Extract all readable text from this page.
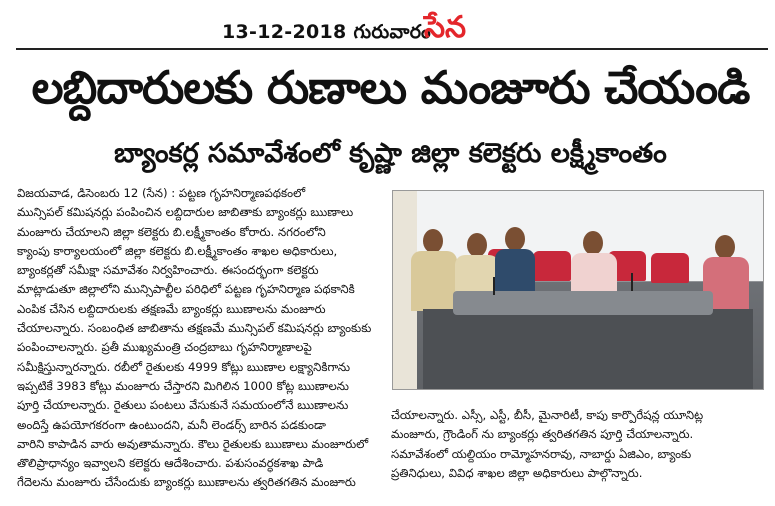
13-12-2018 గురువారం
సేన
లబ్దిదారులకు రుణాలు మంజూరు చేయండి
బ్యాంకర్ల సమావేశంలో కృష్ణా జిల్లా కలెక్టరు లక్ష్మీకాంతం

విజయవాడ, డిసెంబరు 12 (సేన) : పట్టణ గృహనిర్మాణపథకంలో

మున్సిపల్ కమిషనర్లు పంపించిన లబ్దిదారుల జాబితాకు బ్యాంకర్లు ఋణాలు

మంజూరు చేయాలని జిల్లా కలెక్టరు బి.లక్ష్మీకాంతం కోరారు. నగరంలోని

క్యాంపు కార్యాలయంలో జిల్లా కలెక్టరు బి.లక్ష్మీకాంతం శాఖల అధికారులు,

బ్యాంకర్లతో సమీక్షా సమావేశం నిర్వహించారు. ఈసందర్భంగా కలెక్టరు

మాట్లాడుతూ జిల్లాలోని మున్సిపాల్టీల పరిధిలో పట్టణ గృహనిర్మాణ పథకానికి

ఎంపిక చేసిన లబ్దిదారులకు తక్షణమే బ్యాంకర్లు ఋణాలను మంజూరు

చేయాలన్నారు. సంబంధిత జాబితాను తక్షణమే మున్సిపల్ కమిషనర్లు బ్యాంకుకు

పంపించాలన్నారు. ప్రతీ ముఖ్యమంత్రి చంద్రబాబు గృహనిర్మాణాలపై

సమీక్షిస్తున్నారన్నారు. రబీలో రైతులకు 4999 కోట్లు ఋణాల లక్ష్యానికిగాను

ఇప్పటికే 3983 కోట్లు మంజూరు చేస్తారని మిగిలిన 1000 కోట్ల ఋణాలను

పూర్తి చేయాలన్నారు. రైతులు పంటలు వేసుకునే సమయంలోనే ఋణాలను

అందిస్తే ఉపయోగకరంగా ఉంటుందని, మనీ లెండర్స్ బారిన పడకుండా

వారిని కాపాడిన వారు అవుతామన్నారు. కౌలు రైతులకు ఋణాలు మంజూరులో

తొలిప్రాధాన్యం ఇవ్వాలని కలెక్టరు ఆదేశించారు. పశుసంవర్ధకశాఖ పాడి

గేదెలను మంజూరు చేసేందుకు బ్యాంకర్లు ఋణాలను త్వరితగతిన మంజూరు

చేయాలన్నారు. ఎస్సీ, ఎస్టీ, బీసీ, మైనారిటీ, కాపు కార్పొరేషన్ల యూనిట్ల

మంజూరు, గ్రౌండింగ్ ను బ్యాంకర్లు త్వరితగతిన పూర్తి చేయాలన్నారు.

సమావేశంలో యల్దియం రామ్మోహనరావు, నాబార్డు ఏజిఎం, బ్యాంకు

ప్రతినిధులు, వివిధ శాఖల జిల్లా అధికారులు పాల్గొన్నారు.
